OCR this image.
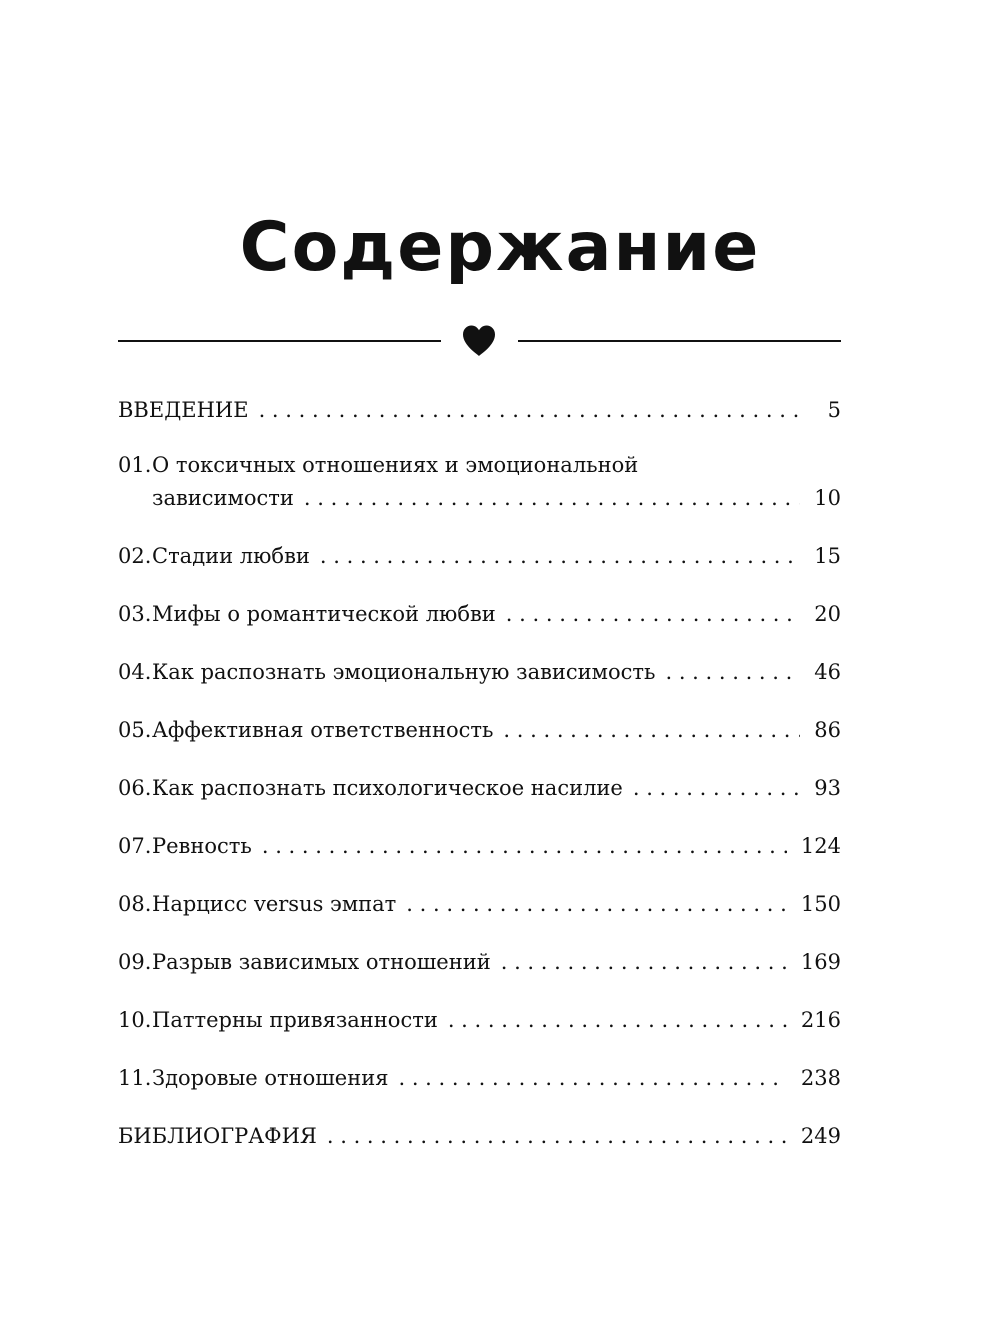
Содержание
ВВЕДЕНИЕ . . .	5
01. О токсичных отношениях и эмоциональной
зависимости . . .	10
02. Стадии любви . . .	15
03. Мифы о романтической любви . . .	20
04. Как распознать эмоциональную зависимость . . .	46
05. Аффективная ответственность . . .	86
06. Как распознать психологическое насилие . . .	93
07. Ревность . . .	124
08. Нарцисс versus эмпат . . .	150
09. Разрыв зависимых отношений . . .	169
10. Паттерны привязанности . . .	216
11. Здоровые отношения . . .	238
БИБЛИОГРАФИЯ . . .	249
